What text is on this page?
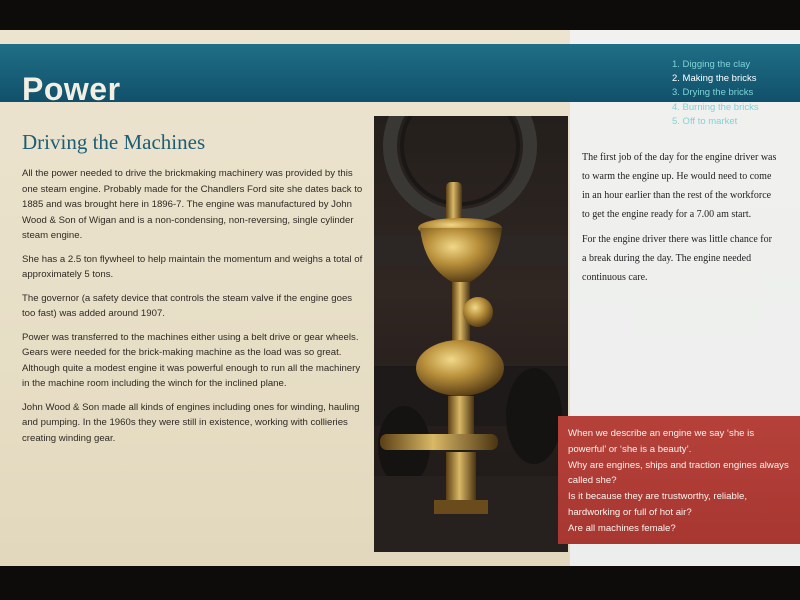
Power
1. Digging the clay
2. Making the bricks
3. Drying the bricks
4. Burning the bricks
5. Off to market
Driving the Machines

All the power needed to drive the brickmaking machinery was provided by this one steam engine. Probably made for the Chandlers Ford site she dates back to 1885 and was brought here in 1896-7. The engine was manufactured by John Wood & Son of Wigan and is a non-condensing, non-reversing, single cylinder steam engine.

She has a 2.5 ton flywheel to help maintain the momentum and weighs a total of approximately 5 tons.

The governor (a safety device that controls the steam valve if the engine goes too fast) was added around 1907.

Power was transferred to the machines either using a belt drive or gear wheels. Gears were needed for the brick-making machine as the load was so great. Although quite a modest engine it was powerful enough to run all the machinery in the machine room including the winch for the inclined plane.

John Wood & Son made all kinds of engines including ones for winding, hauling and pumping. In the 1960s they were still in existence, working with collieries creating winding gear.

The first job of the day for the engine driver was to warm the engine up. He would need to come in an hour earlier than the rest of the workforce to get the engine ready for a 7.00 am start.

For the engine driver there was little chance for a break during the day. The engine needed continuous care.

When we describe an engine we say ‘she is powerful’ or ‘she is a beauty’.

Why are engines, ships and traction engines always called she?

Is it because they are trustworthy, reliable, hardworking or full of hot air?

Are all machines female?
